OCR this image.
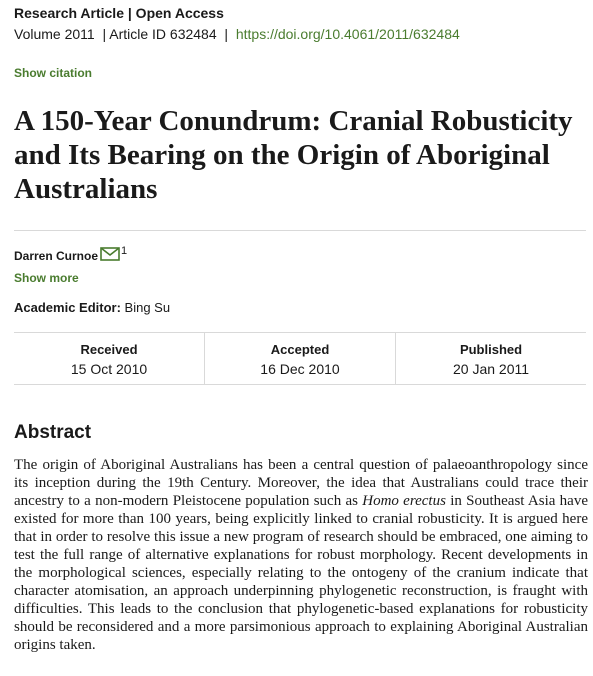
Research Article | Open Access
Volume 2011 | Article ID 632484 | https://doi.org/10.4061/2011/632484
Show citation
A 150-Year Conundrum: Cranial Robusticity and Its Bearing on the Origin of Aboriginal Australians
Darren Curnoe 1
Show more
Academic Editor: Bing Su
Received
15 Oct 2010
Accepted
16 Dec 2010
Published
20 Jan 2011
Abstract

The origin of Aboriginal Australians has been a central question of palaeoanthropology since its inception during the 19th Century. Moreover, the idea that Australians could trace their ancestry to a non-modern Pleistocene population such as Homo erectus in Southeast Asia have existed for more than 100 years, being explicitly linked to cranial robusticity. It is argued here that in order to resolve this issue a new program of research should be embraced, one aiming to test the full range of alternative explanations for robust morphology. Recent developments in the morphological sciences, especially relating to the ontogeny of the cranium indicate that character atomisation, an approach underpinning phylogenetic reconstruction, is fraught with difficulties. This leads to the conclusion that phylogenetic-based explanations for robusticity should be reconsidered and a more parsimonious approach to explaining Aboriginal Australian origins taken.
